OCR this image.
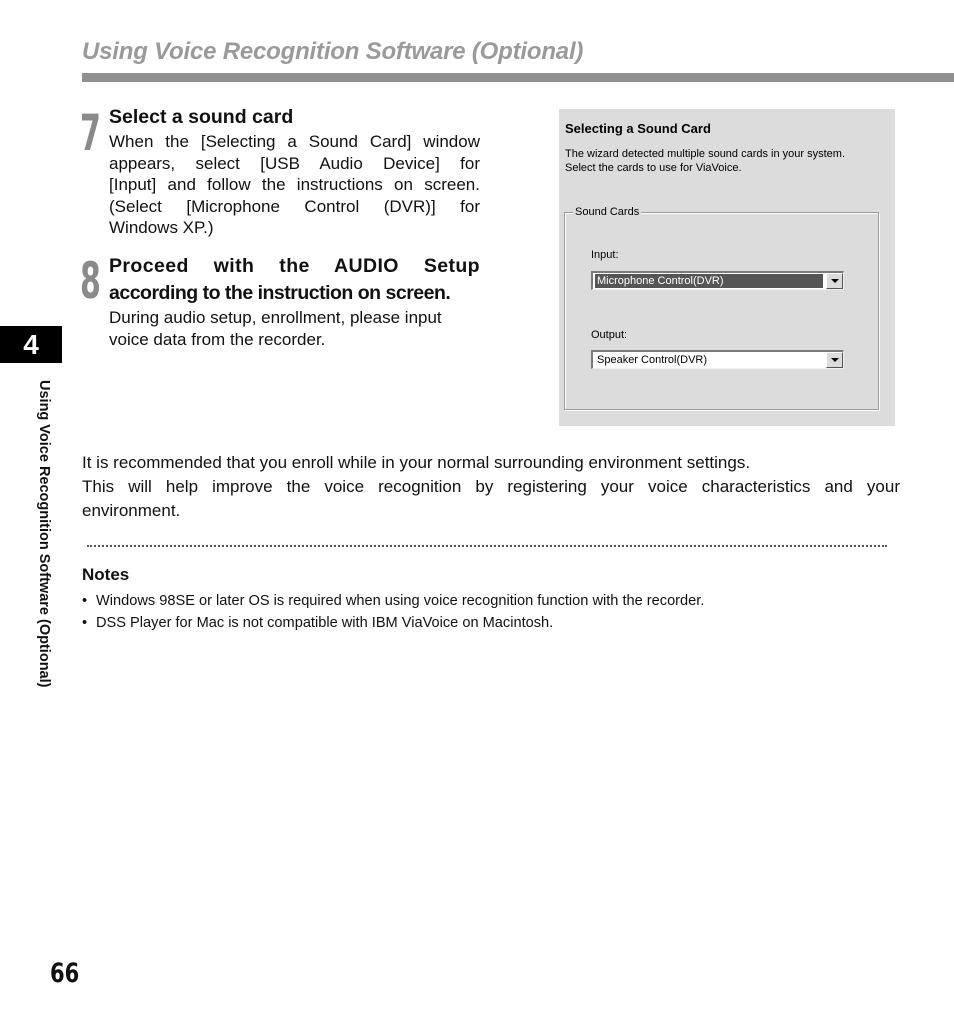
Using Voice Recognition Software (Optional)
4
Using Voice Recognition Software (Optional)
7 Select a sound card
When the [Selecting a Sound Card] window
appears, select [USB Audio Device] for
[Input] and follow the instructions on screen.
(Select [Microphone Control (DVR)] for
Windows XP.)
8 Proceed with the AUDIO Setup
according to the instruction on screen.
During audio setup, enrollment, please input
voice data from the recorder.
Selecting a Sound Card
The wizard detected multiple sound cards in your system.
Select the cards to use for ViaVoice.
Sound Cards
Input:
Microphone Control(DVR)
Output:
Speaker Control(DVR)
It is recommended that you enroll while in your normal surrounding environment settings.
This will help improve the voice recognition by registering your voice characteristics and your
environment.
Notes
• Windows 98SE or later OS is required when using voice recognition function with the recorder.
• DSS Player for Mac is not compatible with IBM ViaVoice on Macintosh.
66
